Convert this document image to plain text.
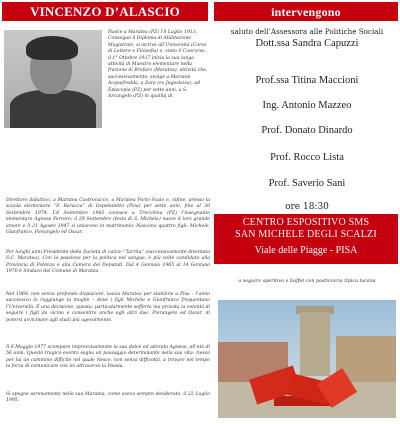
VINCENZO D’ALASCIO
Nasce a Maratea (PZ) l’8 Luglio 1913. Consegue il Diploma di Abilitazione Magistrale, si iscrive all’Università (Corso di Lettere e Filosofia) e, vinto il Concorso, il 1° Ottobre 1937 inizia la sua lunga attività di Maestro elementare nella frazione di Brefaro (Maratea), attività che, successivamente, svolge a Maratea Acquafredda, a Zara (ex Jugoslavia), ad Episcopia (PZ) per sette anni, a S. Arcangelo (PZ) in qualità di
Direttore didattico, a Maratea Castrocucco, a Maratea Porto-Scalo e, infine, presso la scuola elementare “F. Baracca” di Ospedaletto (Pisa) per sette anni, fino al 30 Settembre 1974. L’8 Settembre 1945 conosce a Trecchina (PZ) l’insegnante elementare Agnese Ferraro; il 29 Settembre (festa di S. Michele) nasce il loro grande amore e il 21 Agosto 1947 si uniscono in matrimonio. Nascono quattro figli: Michele, Gianfranco, Pierangelo ed Oscar.
Per lunghi anni Presidente della Società di calcio “Tarrita” (successivamente diventata S.C. Maratea). Con la passione per la politica nel sangue, è più volte candidato alla Provincia di Potenza e alla Camera dei Deputati. Dal 4 Gennaio 1965 al 14 Gennaio 1970 è Sindaco del Comune di Maratea.
Nel 1968, non senza profondo dispiacere, lascia Maratea per stabilirsi a Pisa – l’anno successivo lo raggiunge la moglie – dove i figli Michele e Gianfranco frequentano l’Università. È una decisione, questa, particolarmente sofferta ma provata la volontà di seguire i figli da vicino e consentire anche agli altri due, Pierangelo ed Oscar, di potersi avvicinare agli studi più agevolmente.
Il 6 Maggio 1977 scompare improvvisamente la sua dolce ed adorata Agnese, all’età di 56 anni. Questo tragico evento segna un passaggio determinante nella sua vita: riesce per lui un cammino difficile nel quale riesce, non senza difficoltà, a trovare nel tempo la forza di comunicare con lei attraverso la Poesia.
Si spegne serenamente nella sua Maratea, come aveva sempre desiderato, il 22 Luglio 1995.
intervengono
saluto dell’Assessora alle Politiche Sociali
Dott.ssa Sandra Capuzzi
Prof.ssa Titina Maccioni
Ing. Antonio Mazzeo
Prof. Donato Dinardo
Prof. Rocco Lista
Prof. Saverio Sani
ore 18:30
CENTRO ESPOSITIVO SMS
SAN MICHELE DEGLI SCALZI
Viale delle Piagge - PISA
a seguire aperitivo e buffet con pasticceria tipica lucana
